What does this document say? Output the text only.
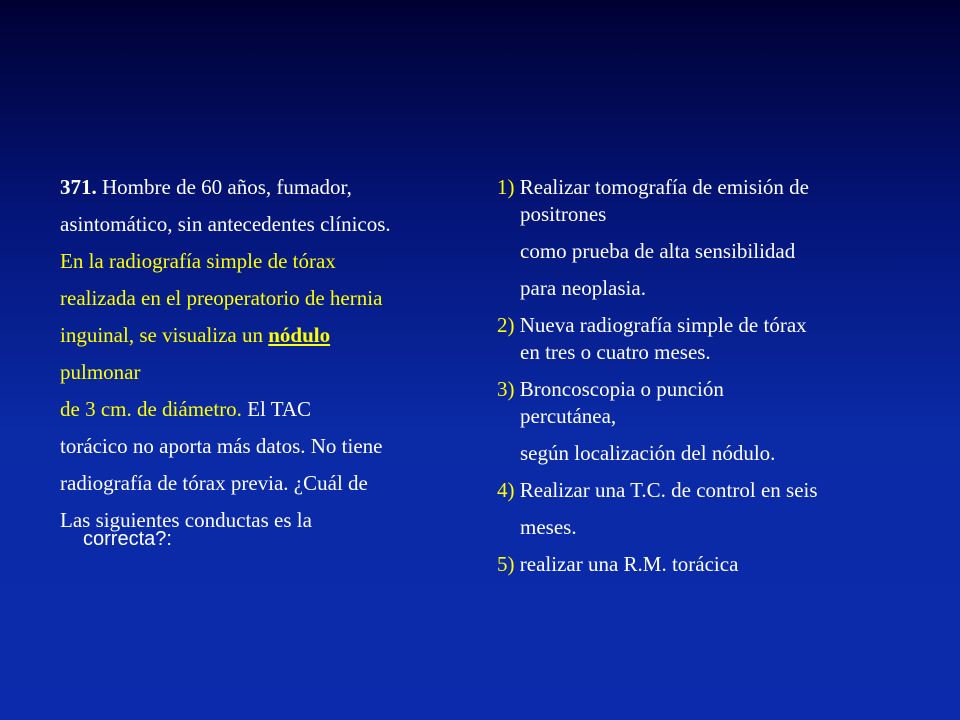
371. Hombre de 60 años, fumador,
asintomático, sin antecedentes clínicos.
En la radiografía simple de tórax
realizada en el preoperatorio de hernia
inguinal, se visualiza un nódulo
pulmonar
de 3 cm. de diámetro. El TAC
torácico no aporta más datos. No tiene
radiografía de tórax previa. ¿Cuál de
Las siguientes conductas es la
correcta?:
1) Realizar tomografía de emisión de
positrones
como prueba de alta sensibilidad
para neoplasia.
2) Nueva radiografía simple de tórax
en tres o cuatro meses.
3) Broncoscopia o punción
percutánea,
según localización del nódulo.
4) Realizar una T.C. de control en seis
meses.
5) realizar una R.M. torácica
